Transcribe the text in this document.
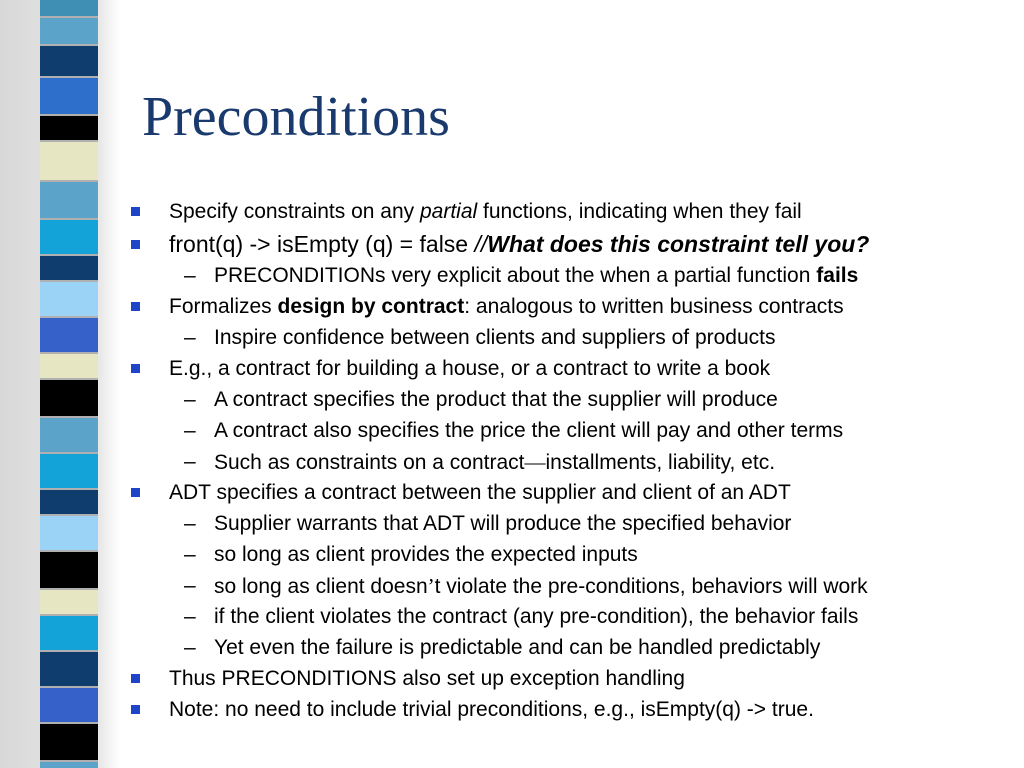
Preconditions
Specify constraints on any partial functions, indicating when they fail
front(q) -> isEmpty (q) = false //What does this constraint tell you?
– PRECONDITIONs very explicit about the when a partial function fails
Formalizes design by contract: analogous to written business contracts
– Inspire confidence between clients and suppliers of products
E.g., a contract for building a house, or a contract to write a book
– A contract specifies the product that the supplier will produce
– A contract also specifies the price the client will pay and other terms
– Such as constraints on a contract—installments, liability, etc.
ADT specifies a contract between the supplier and client of an ADT
– Supplier warrants that ADT will produce the specified behavior
– so long as client provides the expected inputs
– so long as client doesn’t violate the pre-conditions, behaviors will work
– if the client violates the contract (any pre-condition), the behavior fails
– Yet even the failure is predictable and can be handled predictably
Thus PRECONDITIONS also set up exception handling
Note: no need to include trivial preconditions, e.g., isEmpty(q) -> true.
